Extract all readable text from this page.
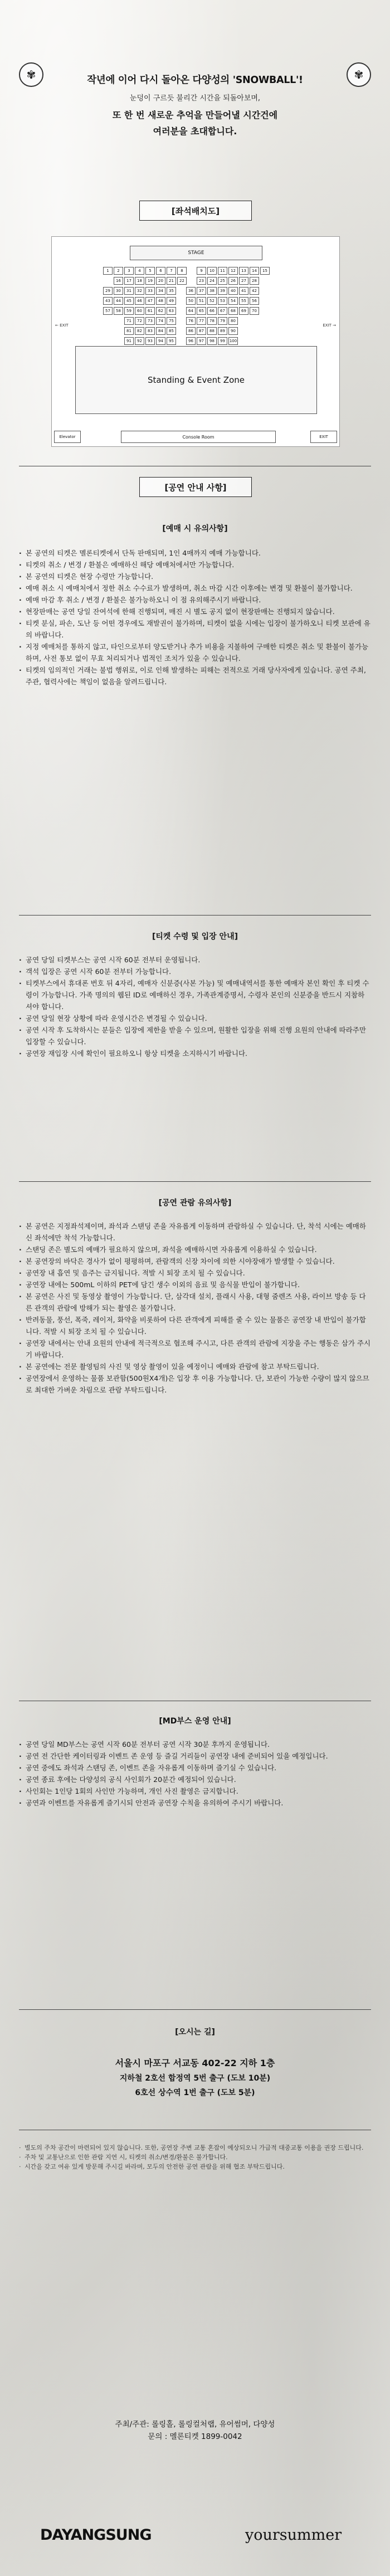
✾	✾
작년에 이어 다시 돌아온 다양성의 'SNOWBALL'!
눈덩이 구르듯 불리간 시간을 되돌아보며,
또 한 번 새로운 추억을 만들어낼 시간건에
여러분을 초대합니다.
[좌석배치도]
STAGE
1	2	3	4	5	6	7	8	9	10	11	12	13	14	15
16	17	18	19	20	21	22	23	24	25	26	27	28
29	30	31	32	33	34	35	36	37	38	39	40	41	42
43	44	45	46	47	48	49	50	51	52	53	54	55	56
57	58	59	60	61	62	63	64	65	66	67	68	69	70
71	72	73	74	75	76	77	78	79	80
81	82	83	84	85	86	87	88	89	90
91	92	93	94	95	96	97	98	99	100
← EXIT	EXIT →
Standing & Event Zone
Elevator	Console Room	EXIT
[공연 안내 사항]
[예매 시 유의사항]
· 본 공연의 티켓은 멜론티켓에서 단독 판매되며, 1인 4매까지 예매 가능합니다.
· 티켓의 취소 / 변경 / 환불은 예매하신 해당 예매처에서만 가능합니다.
· 본 공연의 티켓은 현장 수령만 가능합니다.
· 예매 취소 시 예매처에서 정한 취소 수수료가 발생하며, 취소 마감 시간 이후에는 변경 및 환불이 불가합니다.
· 예매 마감 후 취소 / 변경 / 환불은 불가능하오니 이 점 유의해주시기 바랍니다.
· 현장판매는 공연 당일 잔여석에 한해 진행되며, 매진 시 별도 공지 없이 현장판매는 진행되지 않습니다.
· 티켓 분실, 파손, 도난 등 어떤 경우에도 재발권이 불가하며, 티켓이 없을 시에는 입장이 불가하오니 티켓 보관에 유의 바랍니다.
· 지정 예매처를 통하지 않고, 타인으로부터 양도받거나 추가 비용을 지불하여 구매한 티켓은 취소 및 환불이 불가능하며, 사전 통보 없이 무효 처리되거나 법적인 조치가 있을 수 있습니다.
· 티켓의 임의적인 거래는 불법 행위로, 이로 인해 발생하는 피해는 전적으로 거래 당사자에게 있습니다. 공연 주최, 주관, 협력사에는 책임이 없음을 알려드립니다.
[티켓 수령 및 입장 안내]
· 공연 당일 티켓부스는 공연 시작 60분 전부터 운영됩니다.
· 객석 입장은 공연 시작 60분 전부터 가능합니다.
· 티켓부스에서 휴대폰 번호 뒤 4자리, 예매자 신분증(사본 가능) 및 예매내역서를 통한 예매자 본인 확인 후 티켓 수령이 가능합니다. 가족 명의의 웹된 ID로 예매하신 경우, 가족관계증명서, 수령자 본인의 신분증을 반드시 지참하셔야 합니다.
· 공연 당일 현장 상황에 따라 운영시간은 변경될 수 있습니다.
· 공연 시작 후 도착하시는 분들은 입장에 제한을 받을 수 있으며, 원활한 입장을 위해 진행 요원의 안내에 따라주만 입장할 수 있습니다.
· 공연장 재입장 시에 확인이 필요하오니 항상 티켓을 소지하시기 바랍니다.
[공연 관람 유의사항]
· 본 공연은 지정좌석제이며, 좌석과 스탠딩 존을 자유롭게 이동하며 관람하실 수 있습니다. 단, 착석 시에는 예매하신 좌석에만 착석 가능합니다.
· 스탠딩 존은 별도의 예매가 필요하지 않으며, 좌석을 예매하시면 자유롭게 이용하실 수 있습니다.
· 본 공연장의 바닥은 경사가 없이 평평하며, 관람객의 신장 차이에 의한 시야장애가 발생할 수 있습니다.
· 공연장 내 흡연 및 음주는 금지됩니다. 적발 시 퇴장 조치 될 수 있습니다.
· 공연장 내에는 500mL 이하의 PET에 담긴 생수 이외의 음료 및 음식물 반입이 불가합니다.
· 본 공연은 사진 및 동영상 촬영이 가능합니다. 단, 삼각대 설치, 플래시 사용, 대형 줌렌즈 사용, 라이브 방송 등 다른 관객의 관람에 방해가 되는 촬영은 불가합니다.
· 반려동물, 풍선, 폭죽, 레이저, 화약을 비롯하여 다른 관객에게 피해를 줄 수 있는 물품은 공연장 내 반입이 불가합니다. 적발 시 퇴장 조치 될 수 있습니다.
· 공연장 내에서는 안내 요원의 안내에 적극적으로 협조해 주시고, 다른 관객의 관람에 지장을 주는 행동은 삼가 주시기 바랍니다.
· 본 공연에는 전문 촬영팀의 사진 및 영상 촬영이 있을 예정이니 예매와 관람에 참고 부탁드립니다.
· 공연장에서 운영하는 물품 보관함(500원X4개)은 입장 후 이용 가능합니다. 단, 보관이 가능한 수량이 많지 않으므로 최대한 가벼운 차림으로 관람 부탁드립니다.
[MD부스 운영 안내]
· 공연 당일 MD부스는 공연 시작 60분 전부터 공연 시작 30분 후까지 운영됩니다.
· 공연 전 간단한 케이터링과 이벤트 존 운영 등 즐길 거리들이 공연장 내에 준비되어 있을 예정입니다.
· 공연 중에도 좌석과 스탠딩 존, 이벤트 존을 자유롭게 이동하며 즐기실 수 있습니다.
· 공연 종료 후에는 다양성의 공식 사인회가 20분간 예정되어 있습니다.
· 사인회는 1인당 1회의 사인만 가능하며, 개인 사진 촬영은 금지합니다.
· 공연과 이벤트를 자유롭게 즐기시되 안전과 공연장 수칙을 유의하여 주시기 바랍니다.
[오시는 길]
서울시 마포구 서교동 402-22 지하 1층
지하철 2호선 합정역 5번 출구 (도보 10분)
6호선 상수역 1번 출구 (도보 5분)
· 별도의 주차 공간이 마련되어 있지 않습니다. 또한, 공연장 주변 교통 혼잡이 예상되오니 가급적 대중교통 이용을 권장 드립니다.
· 주차 및 교통난으로 인한 관람 지연 시, 티켓의 취소/변경/환불은 불가합니다.
· 시간을 갖고 여유 있게 방문해 주시길 바라며, 모두의 안전한 공연 관람을 위해 협조 부탁드립니다.
주최/주관: 롤링홀, 롤링컬처랩, 유어썸머, 다양성
문의 : 멜론티켓 1899-0042
DAYANGSUNG	yoursummer
